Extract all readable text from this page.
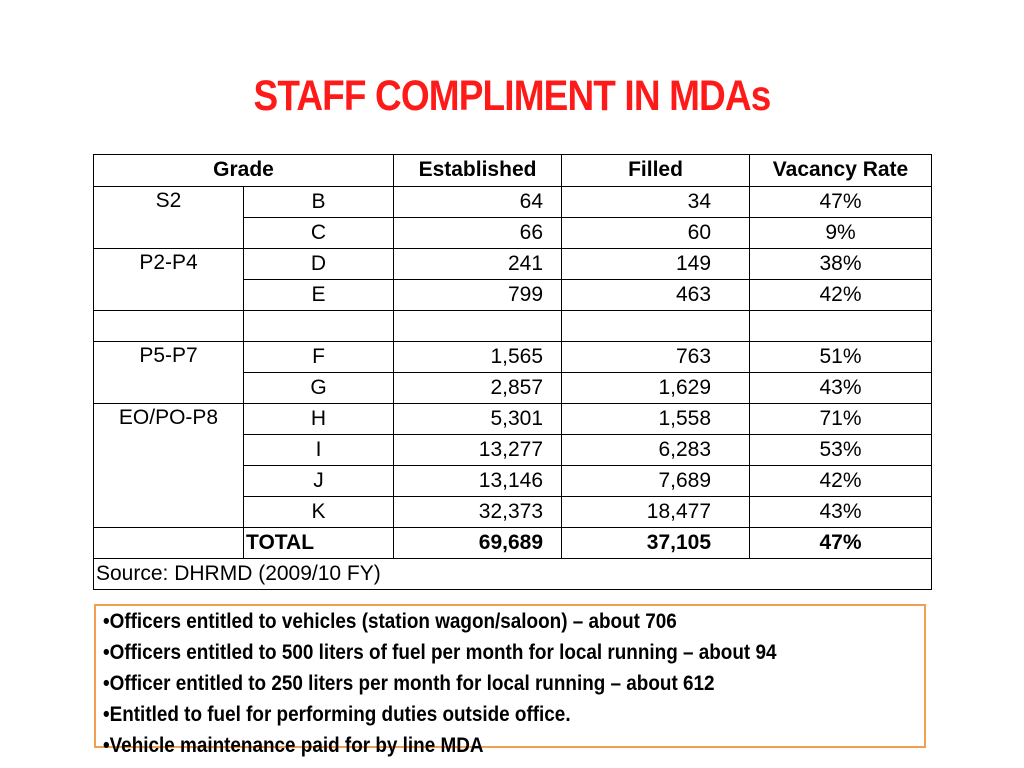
STAFF COMPLIMENT IN MDAs
Grade		Established	Filled	Vacancy Rate
S2	B	64	34	47%
	C	66	60	9%
P2-P4	D	241	149	38%
	E	799	463	42%

P5-P7	F	1,565	763	51%
	G	2,857	1,629	43%
EO/PO-P8	H	5,301	1,558	71%
	I	13,277	6,283	53%
	J	13,146	7,689	42%
	K	32,373	18,477	43%
	TOTAL	69,689	37,105	47%
Source: DHRMD (2009/10 FY)				
•Officers entitled to vehicles (station wagon/saloon) – about 706
•Officers entitled to 500 liters of fuel per month for local running – about 94
•Officer entitled to 250 liters per month for local running – about 612
•Entitled to fuel for performing duties outside office.
•Vehicle maintenance paid for by line MDA
